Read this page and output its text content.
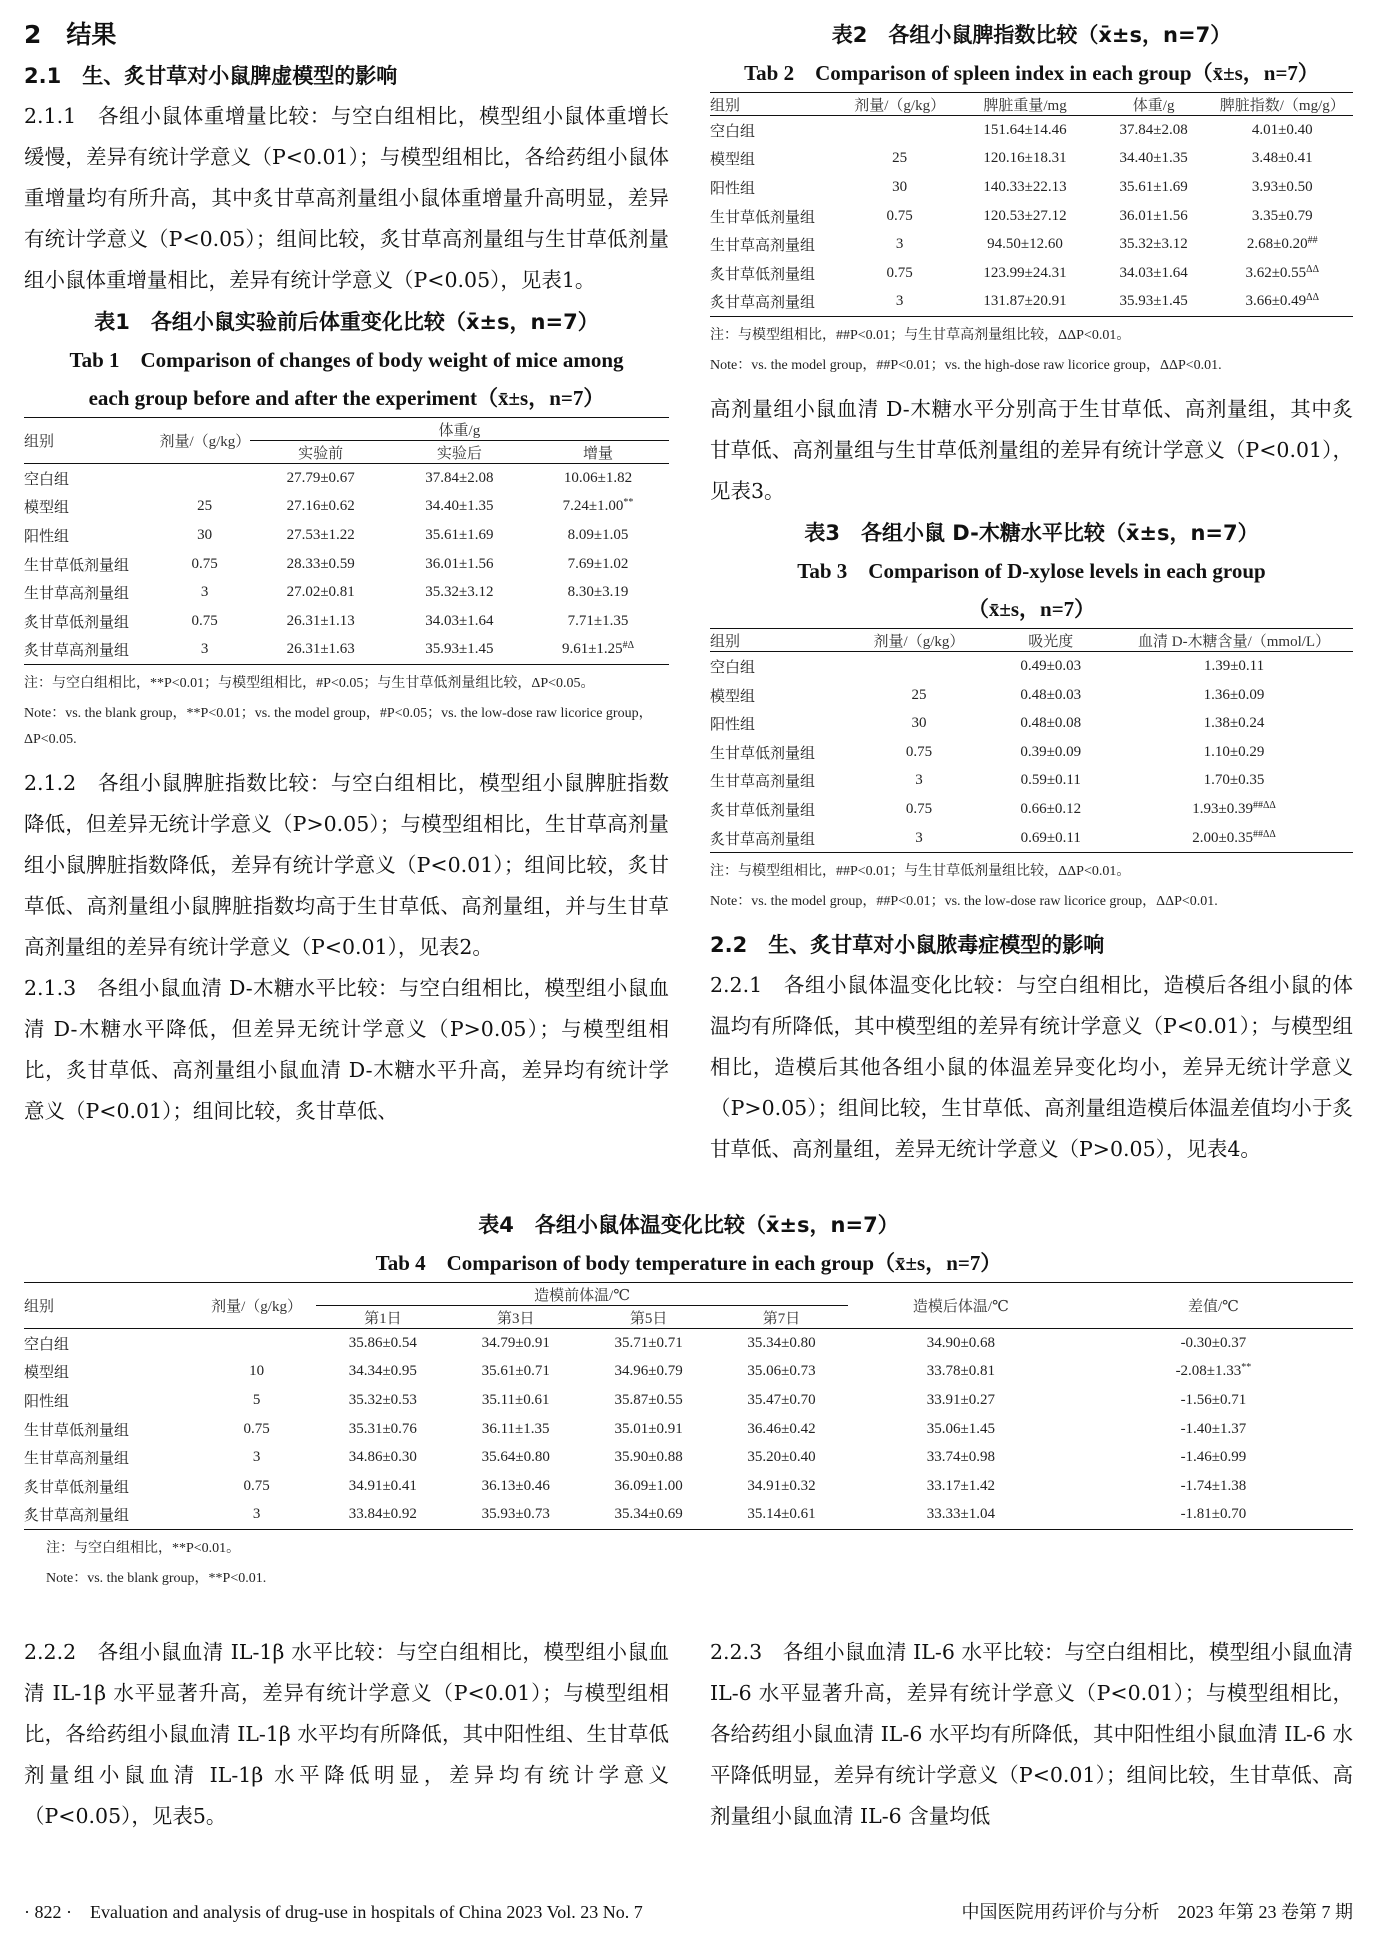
2　结果
2.1　生、炙甘草对小鼠脾虚模型的影响

2.1.1　各组小鼠体重增量比较：与空白组相比，模型组小鼠体重增长缓慢，差异有统计学意义（P<0.01）；与模型组相比，各给药组小鼠体重增量均有所升高，其中炙甘草高剂量组小鼠体重增量升高明显，差异有统计学意义（P<0.05）；组间比较，炙甘草高剂量组与生甘草低剂量组小鼠体重增量相比，差异有统计学意义（P<0.05），见表1。

表1　各组小鼠实验前后体重变化比较（x̄±s，n=7）
Tab 1　Comparison of changes of body weight of mice among
each group before and after the experiment（x̄±s，n=7）
组别	剂量/（g/kg）	体重/g		
		实验前	实验后	增量
空白组		27.79±0.67	37.84±2.08	10.06±1.82
模型组	25	27.16±0.62	34.40±1.35	7.24±1.00**
阳性组	30	27.53±1.22	35.61±1.69	8.09±1.05
生甘草低剂量组	0.75	28.33±0.59	36.01±1.56	7.69±1.02
生甘草高剂量组	3	27.02±0.81	35.32±3.12	8.30±3.19
炙甘草低剂量组	0.75	26.31±1.13	34.03±1.64	7.71±1.35
炙甘草高剂量组	3	26.31±1.63	35.93±1.45	$9.61\pm 1.25^{\#\Delta}$
注：与空白组相比，**P<0.01；与模型组相比，#P<0.05；与生甘草低剂量组比较，ΔP<0.05。
Note：vs. the blank group，**P<0.01；vs. the model group，#P<0.05；vs. the low-dose raw licorice group，ΔP<0.05.

2.1.2　各组小鼠脾脏指数比较：与空白组相比，模型组小鼠脾脏指数降低，但差异无统计学意义（P>0.05）；与模型组相比，生甘草高剂量组小鼠脾脏指数降低，差异有统计学意义（P<0.01）；组间比较，炙甘草低、高剂量组小鼠脾脏指数均高于生甘草低、高剂量组，并与生甘草高剂量组的差异有统计学意义（P<0.01），见表2。

2.1.3　各组小鼠血清 D-木糖水平比较：与空白组相比，模型组小鼠血清 D-木糖水平降低，但差异无统计学意义（P>0.05）；与模型组相比，炙甘草低、高剂量组小鼠血清 D-木糖水平升高，差异均有统计学意义（P<0.01）；组间比较，炙甘草低、

表2　各组小鼠脾指数比较（x̄±s，n=7）
Tab 2　Comparison of spleen index in each group（x̄±s，n=7）
组别	剂量/（g/kg）	脾脏重量/mg	体重/g	脾脏指数/（mg/g）
空白组		151.64±14.46	37.84±2.08	4.01±0.40
模型组	25	120.16±18.31	34.40±1.35	3.48±0.41
阳性组	30	140.33±22.13	35.61±1.69	3.93±0.50
生甘草低剂量组	0.75	120.53±27.12	36.01±1.56	3.35±0.79
生甘草高剂量组	3	94.50±12.60	35.32±3.12	2.68±0.20##
炙甘草低剂量组	0.75	123.99±24.31	34.03±1.64	$3.62\pm 0.55^{\Delta\Delta}$
炙甘草高剂量组	3	131.87±20.91	35.93±1.45	$3.66\pm 0.49^{\Delta\Delta}$
注：与模型组相比，##P<0.01；与生甘草高剂量组比较，ΔΔP<0.01。
Note：vs. the model group，##P<0.01；vs. the high-dose raw licorice group，ΔΔP<0.01.

高剂量组小鼠血清 D-木糖水平分别高于生甘草低、高剂量组，其中炙甘草低、高剂量组与生甘草低剂量组的差异有统计学意义（P<0.01），见表3。

表3　各组小鼠 D-木糖水平比较（x̄±s，n=7）
Tab 3　Comparison of D-xylose levels in each group
（x̄±s，n=7）
组别	剂量/（g/kg）	吸光度	血清 D-木糖含量/（mmol/L）
空白组		0.49±0.03	1.39±0.11
模型组	25	0.48±0.03	1.36±0.09
阳性组	30	0.48±0.08	1.38±0.24
生甘草低剂量组	0.75	0.39±0.09	1.10±0.29
生甘草高剂量组	3	0.59±0.11	1.70±0.35
炙甘草低剂量组	0.75	0.66±0.12	$1.93\pm 0.39^{\#\#\Delta\Delta}$
炙甘草高剂量组	3	0.69±0.11	$2.00\pm 0.35^{\#\#\Delta\Delta}$
注：与模型组相比，##P<0.01；与生甘草低剂量组比较，ΔΔP<0.01。
Note：vs. the model group，##P<0.01；vs. the low-dose raw licorice group，ΔΔP<0.01.
2.2　生、炙甘草对小鼠脓毒症模型的影响

2.2.1　各组小鼠体温变化比较：与空白组相比，造模后各组小鼠的体温均有所降低，其中模型组的差异有统计学意义（P<0.01）；与模型组相比，造模后其他各组小鼠的体温差异变化均小，差异无统计学意义（P>0.05）；组间比较，生甘草低、高剂量组造模后体温差值均小于炙甘草低、高剂量组，差异无统计学意义（P>0.05），见表4。

表4　各组小鼠体温变化比较（x̄±s，n=7）
Tab 4　Comparison of body temperature in each group（x̄±s，n=7）
组别	剂量/（g/kg）	造模前体温/℃				造模后体温/℃	差值/℃
		第1日	第3日	第5日	第7日		
空白组		35.86±0.54	34.79±0.91	35.71±0.71	35.34±0.80	34.90±0.68	-0.30±0.37
模型组	10	34.34±0.95	35.61±0.71	34.96±0.79	35.06±0.73	33.78±0.81	-2.08±1.33**
阳性组	5	35.32±0.53	35.11±0.61	35.87±0.55	35.47±0.70	33.91±0.27	-1.56±0.71
生甘草低剂量组	0.75	35.31±0.76	36.11±1.35	35.01±0.91	36.46±0.42	35.06±1.45	-1.40±1.37
生甘草高剂量组	3	34.86±0.30	35.64±0.80	35.90±0.88	35.20±0.40	33.74±0.98	-1.46±0.99
炙甘草低剂量组	0.75	34.91±0.41	36.13±0.46	36.09±1.00	34.91±0.32	33.17±1.42	-1.74±1.38
炙甘草高剂量组	3	33.84±0.92	35.93±0.73	35.34±0.69	35.14±0.61	33.33±1.04	-1.81±0.70
注：与空白组相比，**P<0.01。
Note：vs. the blank group，**P<0.01.

2.2.2　各组小鼠血清 IL-1β 水平比较：与空白组相比，模型组小鼠血清 IL-1β 水平显著升高，差异有统计学意义（P<0.01）；与模型组相比，各给药组小鼠血清 IL-1β 水平均有所降低，其中阳性组、生甘草低剂量组小鼠血清 IL-1β 水平降低明显，差异均有统计学意义（P<0.05），见表5。

2.2.3　各组小鼠血清 IL-6 水平比较：与空白组相比，模型组小鼠血清 IL-6 水平显著升高，差异有统计学意义（P<0.01）；与模型组相比，各给药组小鼠血清 IL-6 水平均有所降低，其中阳性组小鼠血清 IL-6 水平降低明显，差异有统计学意义（P<0.01）；组间比较，生甘草低、高剂量组小鼠血清 IL-6 含量均低

· 822 ·　Evaluation and analysis of drug-use in hospitals of China 2023 Vol. 23 No. 7	中国医院用药评价与分析　2023 年第 23 卷第 7 期
